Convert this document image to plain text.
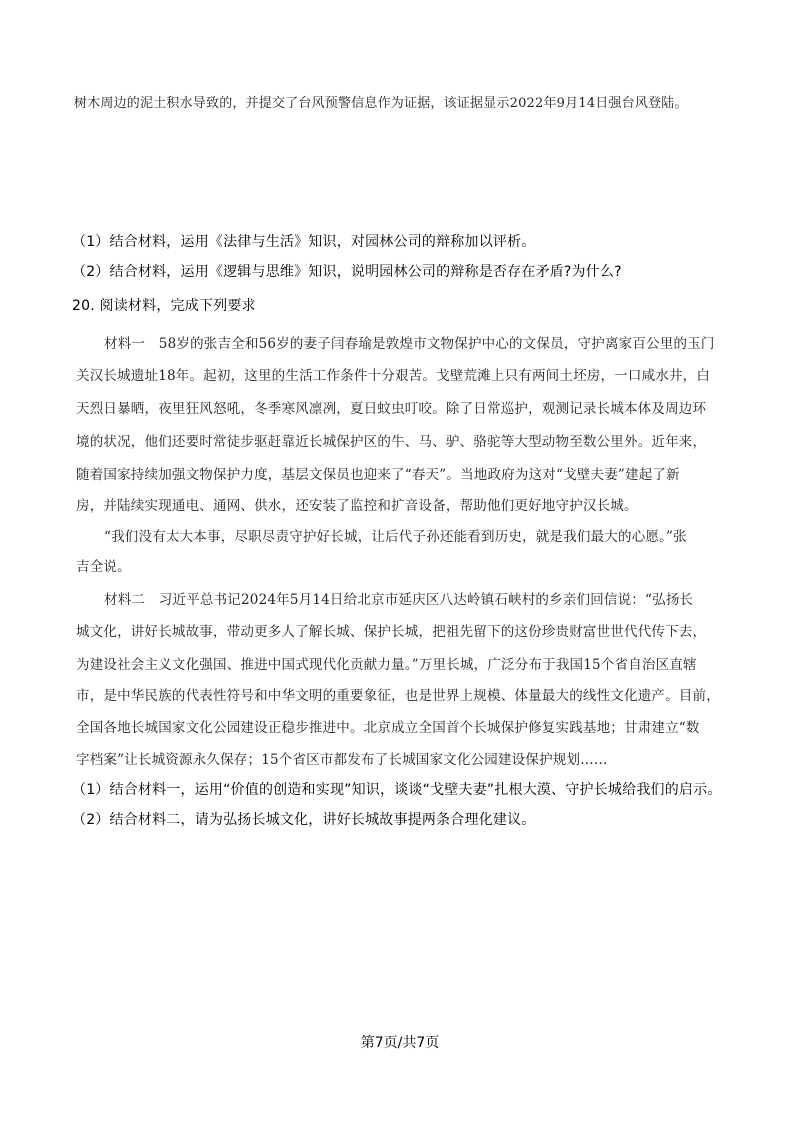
树木周边的泥土积水导致的，并提交了台风预警信息作为证据，该证据显示2022年9月14日强台风登陆。
（1）结合材料，运用《法律与生活》知识，对园林公司的辩称加以评析。
（2）结合材料，运用《逻辑与思维》知识，说明园林公司的辩称是否存在矛盾?为什么?
20. 阅读材料，完成下列要求
材料一　58岁的张吉全和56岁的妻子闫春瑜是敦煌市文物保护中心的文保员，守护离家百公里的玉门
关汉长城遗址18年。起初，这里的生活工作条件十分艰苦。戈壁荒滩上只有两间土坯房，一口咸水井，白
天烈日暴晒，夜里狂风怒吼，冬季寒风凛冽，夏日蚊虫叮咬。除了日常巡护，观测记录长城本体及周边环
境的状况，他们还要时常徒步驱赶靠近长城保护区的牛、马、驴、骆驼等大型动物至数公里外。近年来，
随着国家持续加强文物保护力度，基层文保员也迎来了“春天”。当地政府为这对“戈壁夫妻”建起了新
房，并陆续实现通电、通网、供水，还安装了监控和扩音设备，帮助他们更好地守护汉长城。
“我们没有太大本事，尽职尽责守护好长城，让后代子孙还能看到历史，就是我们最大的心愿。”张
吉全说。
材料二　习近平总书记2024年5月14日给北京市延庆区八达岭镇石峡村的乡亲们回信说：“弘扬长
城文化，讲好长城故事，带动更多人了解长城、保护长城，把祖先留下的这份珍贵财富世世代代传下去，
为建设社会主义文化强国、推进中国式现代化贡献力量。”万里长城，广泛分布于我国15个省自治区直辖
市，是中华民族的代表性符号和中华文明的重要象征，也是世界上规模、体量最大的线性文化遗产。目前，
全国各地长城国家文化公园建设正稳步推进中。北京成立全国首个长城保护修复实践基地；甘肃建立“数
字档案”让长城资源永久保存；15个省区市都发布了长城国家文化公园建设保护规划……
（1）结合材料一，运用“价值的创造和实现”知识，谈谈“戈壁夫妻”扎根大漠、守护长城给我们的启示。
（2）结合材料二，请为弘扬长城文化，讲好长城故事提两条合理化建议。
第7页/共7页
